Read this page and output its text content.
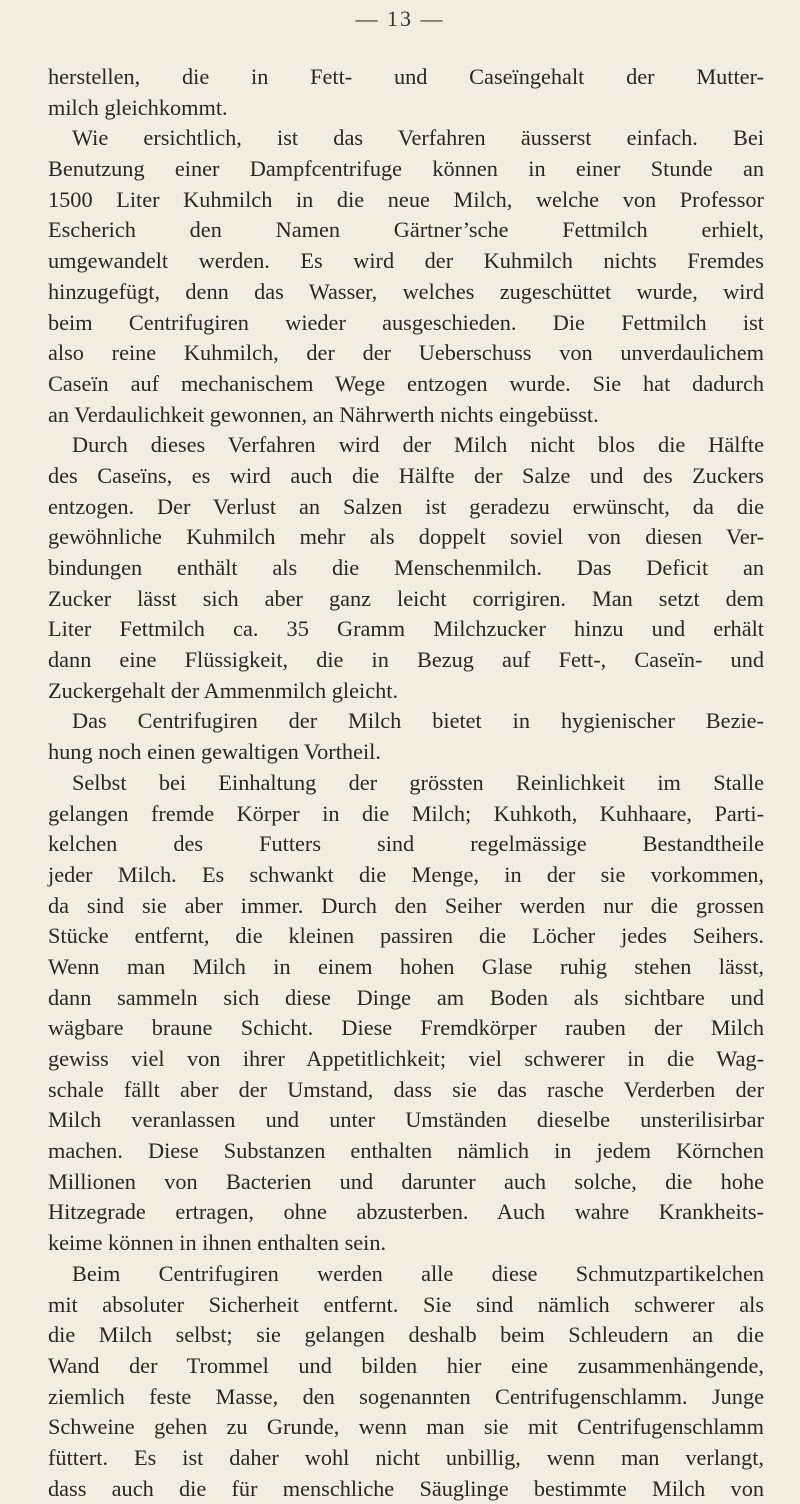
— 13 —
herstellen, die in Fett- und Caseïngehalt der Mutter-
milch gleichkommt.
Wie ersichtlich, ist das Verfahren äusserst einfach. Bei
Benutzung einer Dampfcentrifuge können in einer Stunde an
1500 Liter Kuhmilch in die neue Milch, welche von Professor
Escherich den Namen Gärtner’sche Fettmilch erhielt,
umgewandelt werden. Es wird der Kuhmilch nichts Fremdes
hinzugefügt, denn das Wasser, welches zugeschüttet wurde, wird
beim Centrifugiren wieder ausgeschieden. Die Fettmilch ist
also reine Kuhmilch, der der Ueberschuss von unverdaulichem
Caseïn auf mechanischem Wege entzogen wurde. Sie hat dadurch
an Verdaulichkeit gewonnen, an Nährwerth nichts eingebüsst.
Durch dieses Verfahren wird der Milch nicht blos die Hälfte
des Caseïns, es wird auch die Hälfte der Salze und des Zuckers
entzogen. Der Verlust an Salzen ist geradezu erwünscht, da die
gewöhnliche Kuhmilch mehr als doppelt soviel von diesen Ver-
bindungen enthält als die Menschenmilch. Das Deficit an
Zucker lässt sich aber ganz leicht corrigiren. Man setzt dem
Liter Fettmilch ca. 35 Gramm Milchzucker hinzu und erhält
dann eine Flüssigkeit, die in Bezug auf Fett-, Caseïn- und
Zuckergehalt der Ammenmilch gleicht.
Das Centrifugiren der Milch bietet in hygienischer Bezie-
hung noch einen gewaltigen Vortheil.
Selbst bei Einhaltung der grössten Reinlichkeit im Stalle
gelangen fremde Körper in die Milch; Kuhkoth, Kuhhaare, Parti-
kelchen des Futters sind regelmässige Bestandtheile
jeder Milch. Es schwankt die Menge, in der sie vorkommen,
da sind sie aber immer. Durch den Seiher werden nur die grossen
Stücke entfernt, die kleinen passiren die Löcher jedes Seihers.
Wenn man Milch in einem hohen Glase ruhig stehen lässt,
dann sammeln sich diese Dinge am Boden als sichtbare und
wägbare braune Schicht. Diese Fremdkörper rauben der Milch
gewiss viel von ihrer Appetitlichkeit; viel schwerer in die Wag-
schale fällt aber der Umstand, dass sie das rasche Verderben der
Milch veranlassen und unter Umständen dieselbe unsterilisirbar
machen. Diese Substanzen enthalten nämlich in jedem Körnchen
Millionen von Bacterien und darunter auch solche, die hohe
Hitzegrade ertragen, ohne abzusterben. Auch wahre Krankheits-
keime können in ihnen enthalten sein.
Beim Centrifugiren werden alle diese Schmutzpartikelchen
mit absoluter Sicherheit entfernt. Sie sind nämlich schwerer als
die Milch selbst; sie gelangen deshalb beim Schleudern an die
Wand der Trommel und bilden hier eine zusammenhängende,
ziemlich feste Masse, den sogenannten Centrifugenschlamm. Junge
Schweine gehen zu Grunde, wenn man sie mit Centrifugenschlamm
füttert. Es ist daher wohl nicht unbillig, wenn man verlangt,
dass auch die für menschliche Säuglinge bestimmte Milch von
